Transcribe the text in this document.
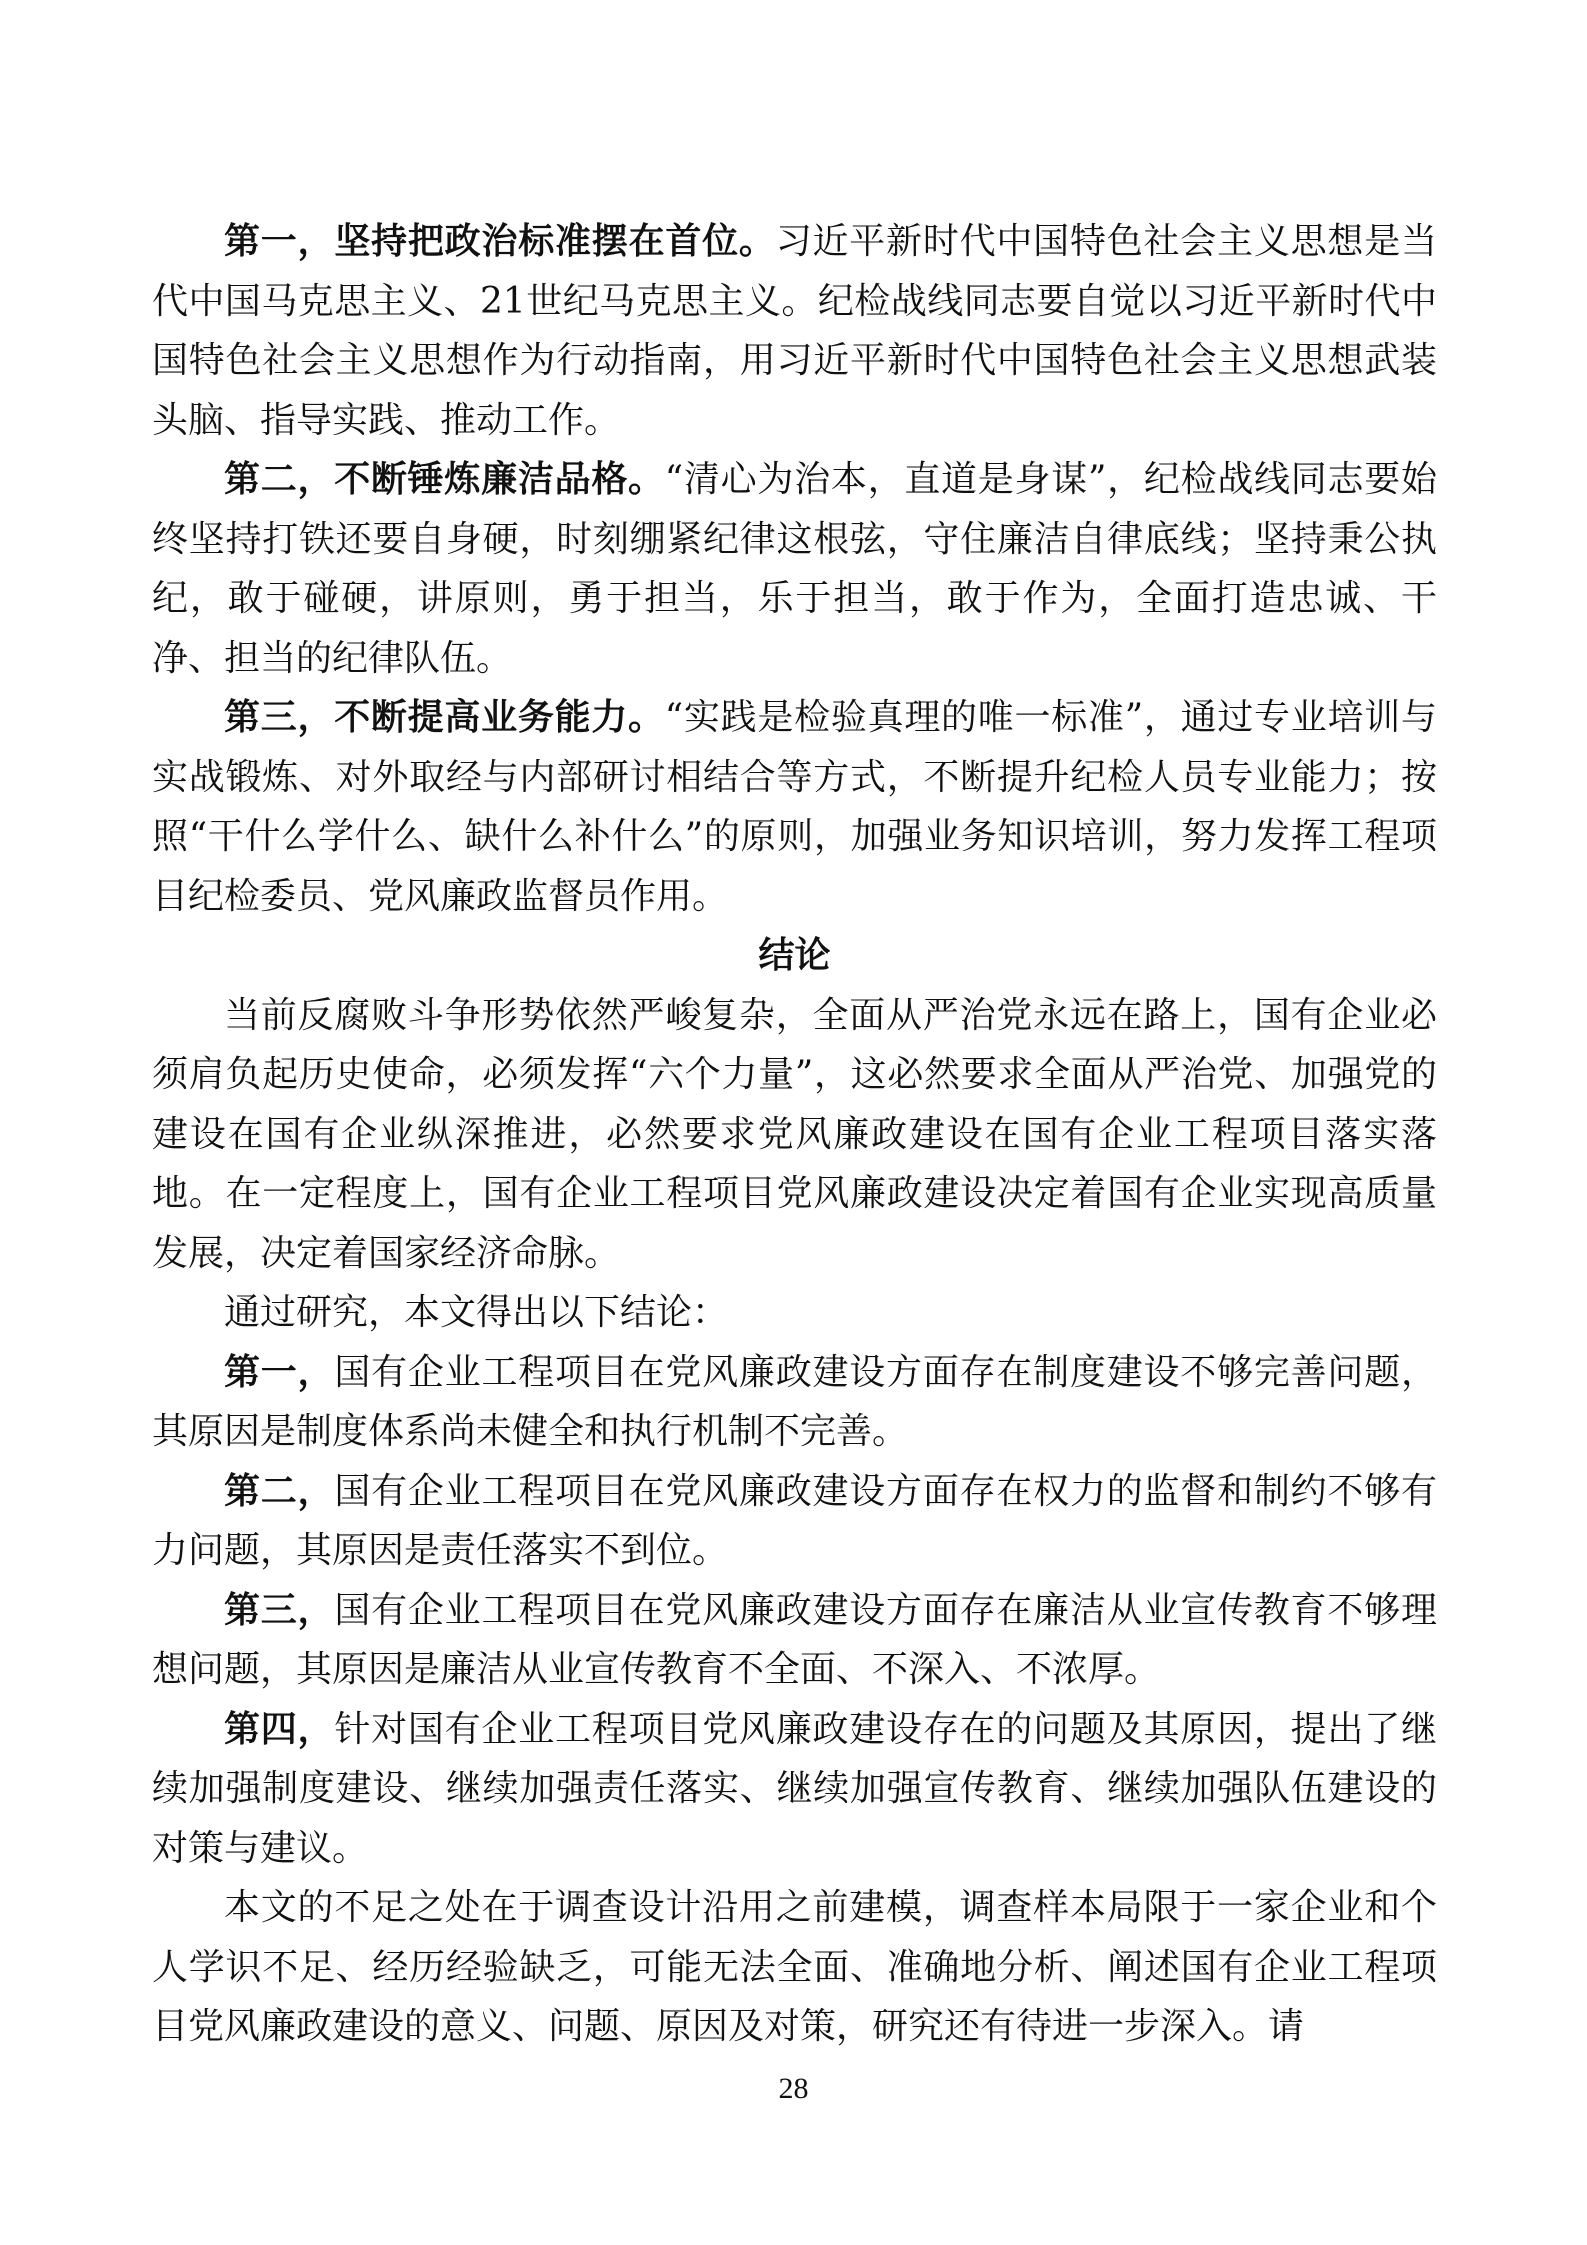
第一，坚持把政治标准摆在首位。习近平新时代中国特色社会主义思想是当代中国马克思主义、21世纪马克思主义。纪检战线同志要自觉以习近平新时代中国特色社会主义思想作为行动指南，用习近平新时代中国特色社会主义思想武装头脑、指导实践、推动工作。

第二，不断锤炼廉洁品格。“清心为治本，直道是身谋”，纪检战线同志要始终坚持打铁还要自身硬，时刻绷紧纪律这根弦，守住廉洁自律底线；坚持秉公执纪，敢于碰硬，讲原则，勇于担当，乐于担当，敢于作为，全面打造忠诚、干净、担当的纪律队伍。

第三，不断提高业务能力。“实践是检验真理的唯一标准”，通过专业培训与实战锻炼、对外取经与内部研讨相结合等方式，不断提升纪检人员专业能力；按照“干什么学什么、缺什么补什么”的原则，加强业务知识培训，努力发挥工程项目纪检委员、党风廉政监督员作用。

结论

当前反腐败斗争形势依然严峻复杂，全面从严治党永远在路上，国有企业必须肩负起历史使命，必须发挥“六个力量”，这必然要求全面从严治党、加强党的建设在国有企业纵深推进，必然要求党风廉政建设在国有企业工程项目落实落地。在一定程度上，国有企业工程项目党风廉政建设决定着国有企业实现高质量发展，决定着国家经济命脉。

通过研究，本文得出以下结论：

第一，国有企业工程项目在党风廉政建设方面存在制度建设不够完善问题，其原因是制度体系尚未健全和执行机制不完善。

第二，国有企业工程项目在党风廉政建设方面存在权力的监督和制约不够有力问题，其原因是责任落实不到位。

第三，国有企业工程项目在党风廉政建设方面存在廉洁从业宣传教育不够理想问题，其原因是廉洁从业宣传教育不全面、不深入、不浓厚。

第四，针对国有企业工程项目党风廉政建设存在的问题及其原因，提出了继续加强制度建设、继续加强责任落实、继续加强宣传教育、继续加强队伍建设的对策与建议。

本文的不足之处在于调查设计沿用之前建模，调查样本局限于一家企业和个人学识不足、经历经验缺乏，可能无法全面、准确地分析、阐述国有企业工程项目党风廉政建设的意义、问题、原因及对策，研究还有待进一步深入。请

28
